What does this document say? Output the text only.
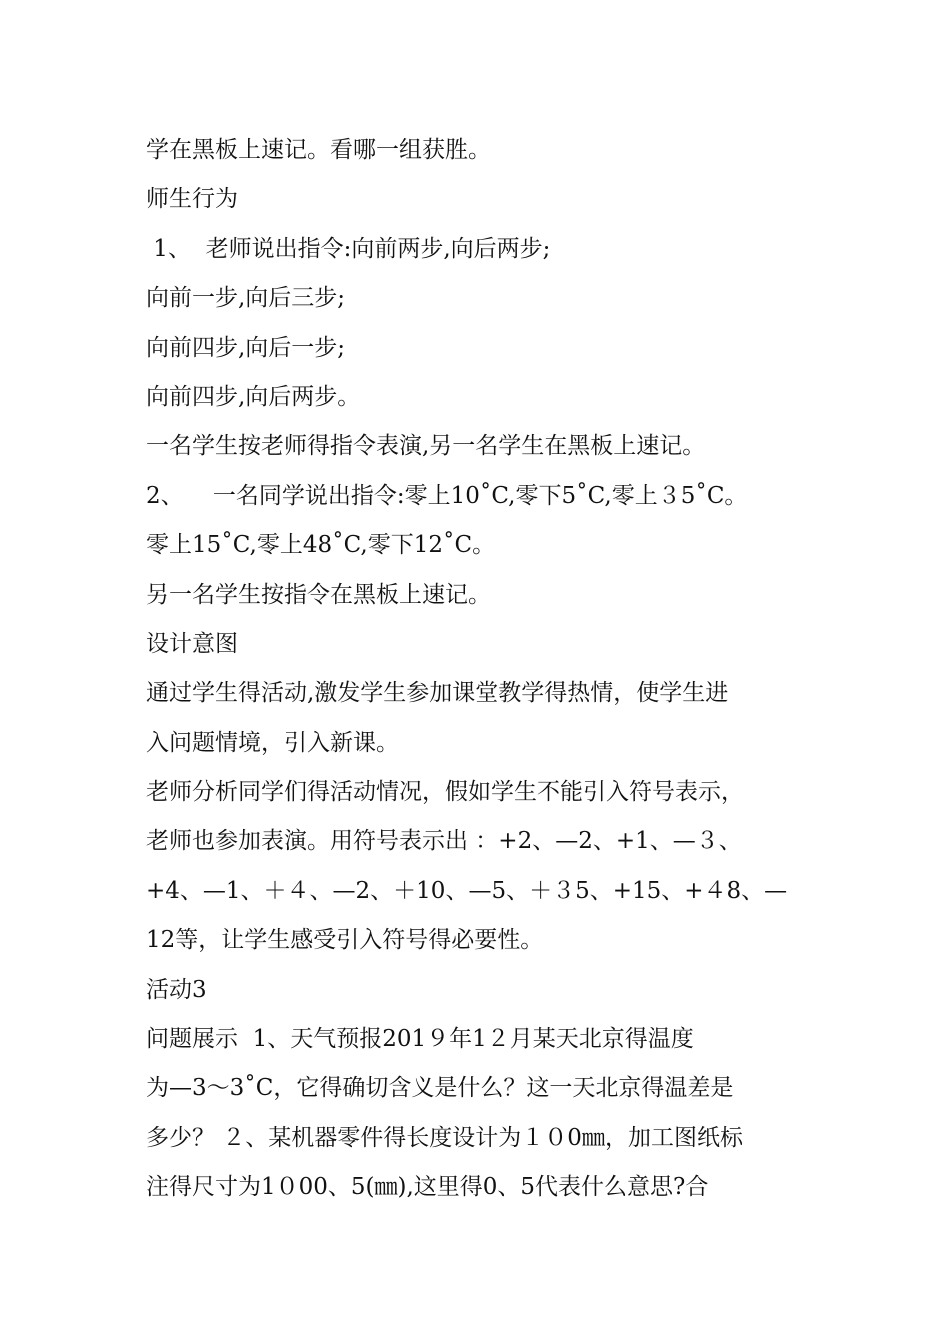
学在黑板上速记。看哪一组获胜。
师生行为
1、  老师说出指令:向前两步,向后两步;
向前一步,向后三步;
向前四步,向后一步;
向前四步,向后两步。
一名学生按老师得指令表演,另一名学生在黑板上速记。
2、    一名同学说出指令:零上10˚C,零下5˚C,零上３5˚C。
零上15˚C,零上48˚C,零下12˚C。
另一名学生按指令在黑板上速记。
设计意图
通过学生得活动,激发学生参加课堂教学得热情，使学生进
入问题情境，引入新课。
老师分析同学们得活动情况，假如学生不能引入符号表示，
老师也参加表演。用符号表示出 ：+2、—2、+1、—３、
+4、—1、＋４、—2、＋10、—5、＋３5、+15、+４8、—
12等，让学生感受引入符号得必要性。
活动3
问题展示  1、天气预报201９年1２月某天北京得温度
为—3～3˚C，它得确切含义是什么？这一天北京得温差是
多少？ ２、某机器零件得长度设计为１０0㎜，加工图纸标
注得尺寸为1０00、5(㎜),这里得0、5代表什么意思?合
